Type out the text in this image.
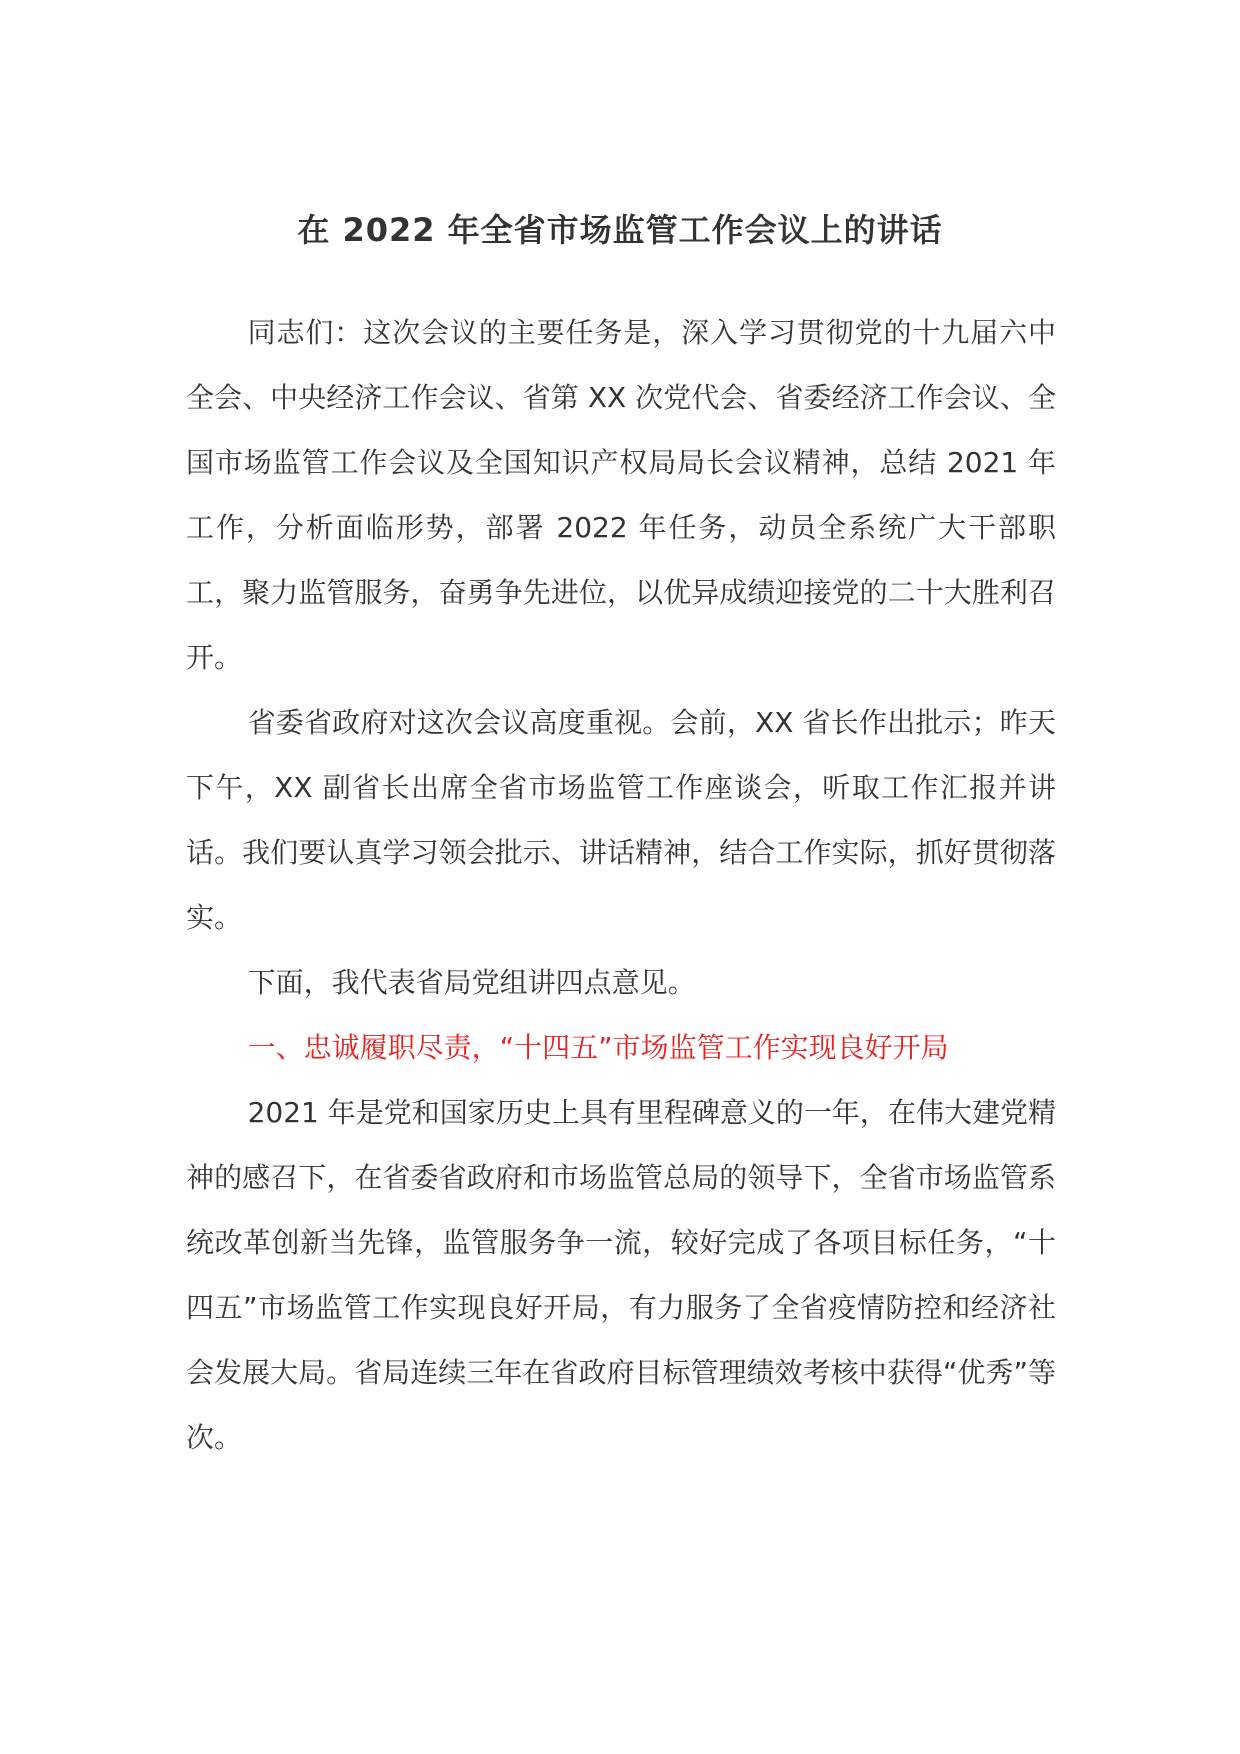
在 2022 年全省市场监管工作会议上的讲话

同志们：这次会议的主要任务是，深入学习贯彻党的十九届六中全会、中央经济工作会议、省第 XX 次党代会、省委经济工作会议、全国市场监管工作会议及全国知识产权局局长会议精神，总结 2021 年工作，分析面临形势，部署 2022 年任务，动员全系统广大干部职工，聚力监管服务，奋勇争先进位，以优异成绩迎接党的二十大胜利召开。

省委省政府对这次会议高度重视。会前，XX 省长作出批示；昨天下午，XX 副省长出席全省市场监管工作座谈会，听取工作汇报并讲话。我们要认真学习领会批示、讲话精神，结合工作实际，抓好贯彻落实。

下面，我代表省局党组讲四点意见。

一、忠诚履职尽责，“十四五”市场监管工作实现良好开局

2021 年是党和国家历史上具有里程碑意义的一年，在伟大建党精神的感召下，在省委省政府和市场监管总局的领导下，全省市场监管系统改革创新当先锋，监管服务争一流，较好完成了各项目标任务，“十四五”市场监管工作实现良好开局，有力服务了全省疫情防控和经济社会发展大局。省局连续三年在省政府目标管理绩效考核中获得“优秀”等次。
